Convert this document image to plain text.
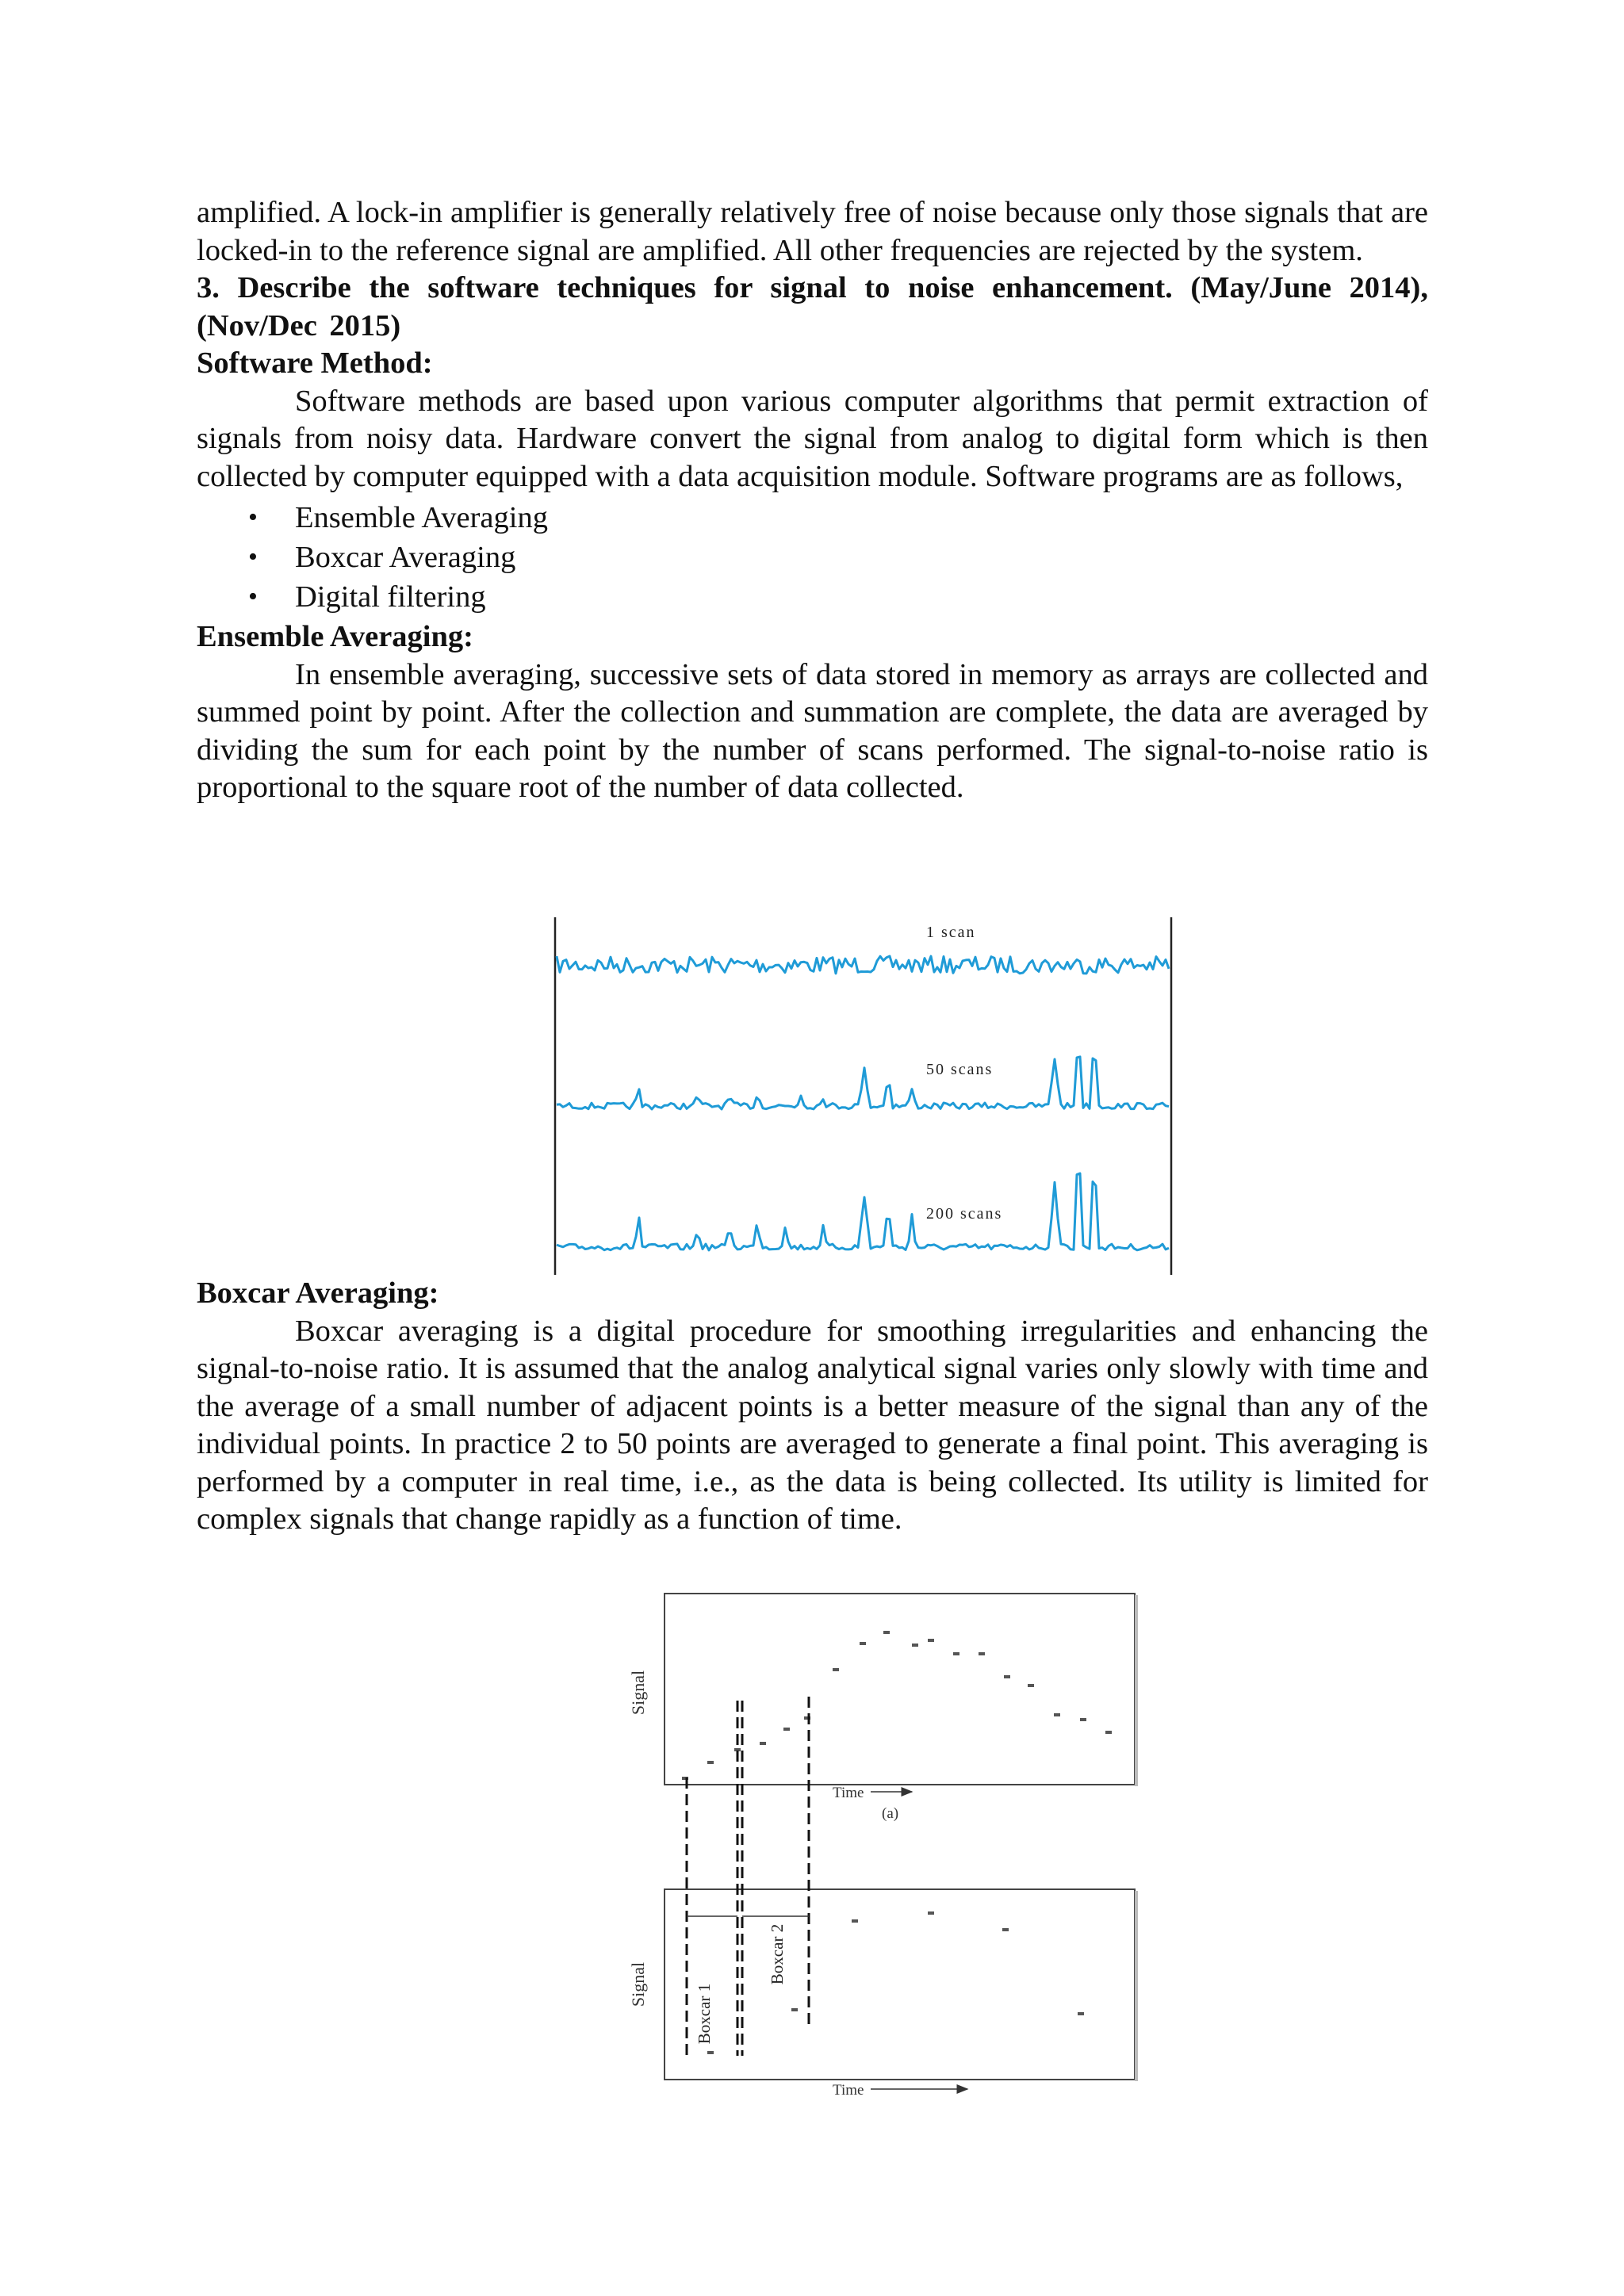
amplified. A lock-in amplifier is generally relatively free of noise because only those signals that are locked-in to the reference signal are amplified. All other frequencies are rejected by the system.

3. Describe the software techniques for signal to noise enhancement. (May/June 2014),(Nov/Dec 2015)

Software Method:

Software methods are based upon various computer algorithms that permit extraction of signals from noisy data. Hardware convert the signal from analog to digital form which is then collected by computer equipped with a data acquisition module. Software programs are as follows,

• Ensemble Averaging
• Boxcar Averaging
• Digital filtering

Ensemble Averaging:

In ensemble averaging, successive sets of data stored in memory as arrays are collected and summed point by point. After the collection and summation are complete, the data are averaged by dividing the sum for each point by the number of scans performed. The signal-to-noise ratio is proportional to the square root of the number of data collected.

1 scan
50 scans
200 scans

Boxcar Averaging:

Boxcar averaging is a digital procedure for smoothing irregularities and enhancing the signal-to-noise ratio. It is assumed that the analog analytical signal varies only slowly with time and the average of a small number of adjacent points is a better measure of the signal than any of the individual points. In practice 2 to 50 points are averaged to generate a final point. This averaging is performed by a computer in real time, i.e., as the data is being collected. Its utility is limited for complex signals that change rapidly as a function of time.

Signal
Time
(a)
Signal
Time
Boxcar 1
Boxcar 2
